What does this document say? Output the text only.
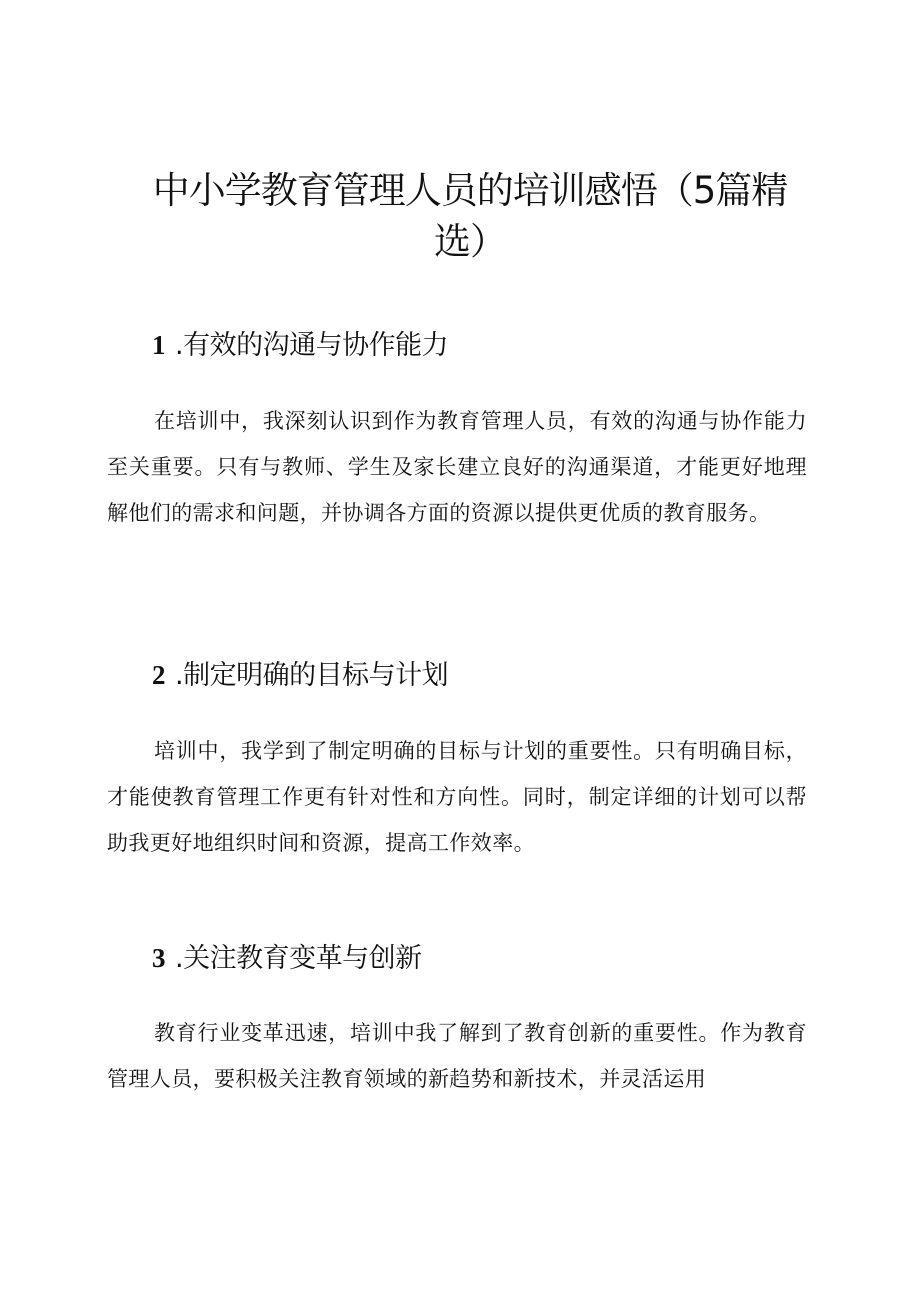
中小学教育管理人员的培训感悟（5篇精选）
1 .有效的沟通与协作能力

在培训中，我深刻认识到作为教育管理人员，有效的沟通与协作能力至关重要。只有与教师、学生及家长建立良好的沟通渠道，才能更好地理解他们的需求和问题，并协调各方面的资源以提供更优质的教育服务。

2 .制定明确的目标与计划

培训中，我学到了制定明确的目标与计划的重要性。只有明确目标，才能使教育管理工作更有针对性和方向性。同时，制定详细的计划可以帮助我更好地组织时间和资源，提高工作效率。

3 .关注教育变革与创新

教育行业变革迅速，培训中我了解到了教育创新的重要性。作为教育管理人员，要积极关注教育领域的新趋势和新技术，并灵活运用
